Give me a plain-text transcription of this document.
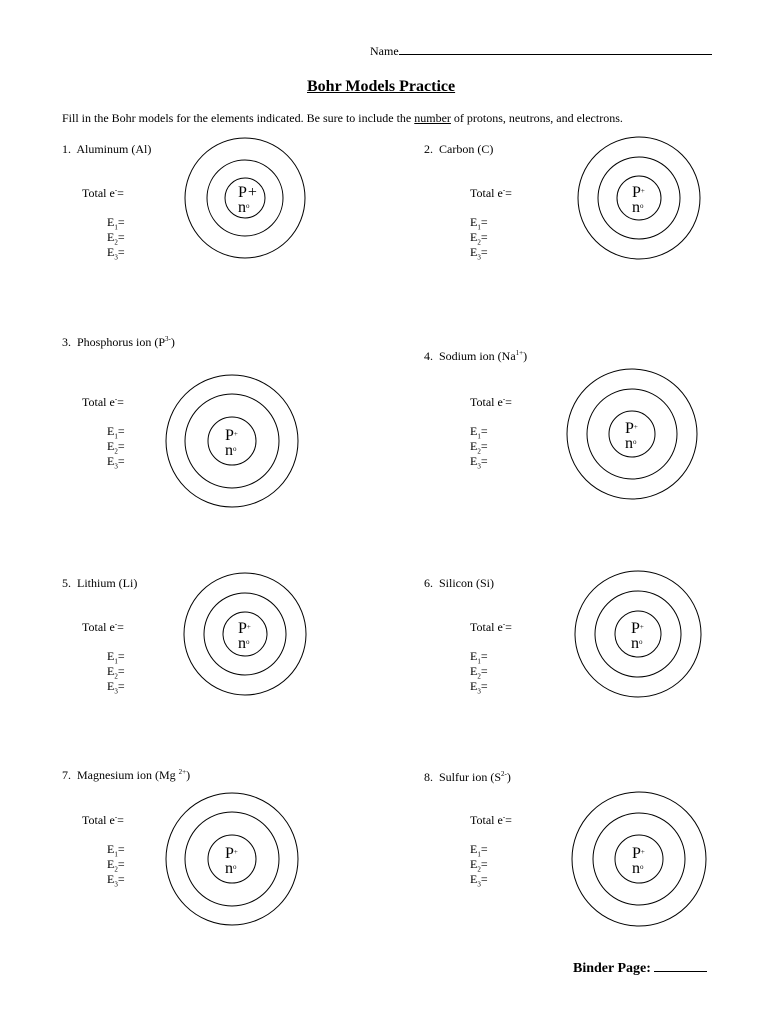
Name
Bohr Models Practice
Fill in the Bohr models for the elements indicated. Be sure to include the number of protons, neutrons, and electrons.
1.  Aluminum (Al)
Total e-=
$E_1=$
$E_2=$
$E_3=$
P+
$n^o$
2.  Carbon (C)
Total e-=
$E_1=$
$E_2=$
$E_3=$
P+
$n^o$
3.  Phosphorus ion $(P^{3-})$
Total e-=
$E_1=$
$E_2=$
$E_3=$
P+
$n^o$
4.  Sodium ion $(Na^{1+})$
Total e-=
$E_1=$
$E_2=$
$E_3=$
P+
$n^o$
5.  Lithium (Li)
Total e-=
$E_1=$
$E_2=$
$E_3=$
P+
$n^o$
6.  Silicon (Si)
Total e-=
$E_1=$
$E_2=$
$E_3=$
P+
$n^o$
7.  Magnesium ion (Mg $^{2+}$)
Total e-=
$E_1=$
$E_2=$
$E_3=$
P+
$n^o$
8.  Sulfur ion $(S^{2-})$
Total e-=
$E_1=$
$E_2=$
$E_3=$
P+
$n^o$
Binder Page:
